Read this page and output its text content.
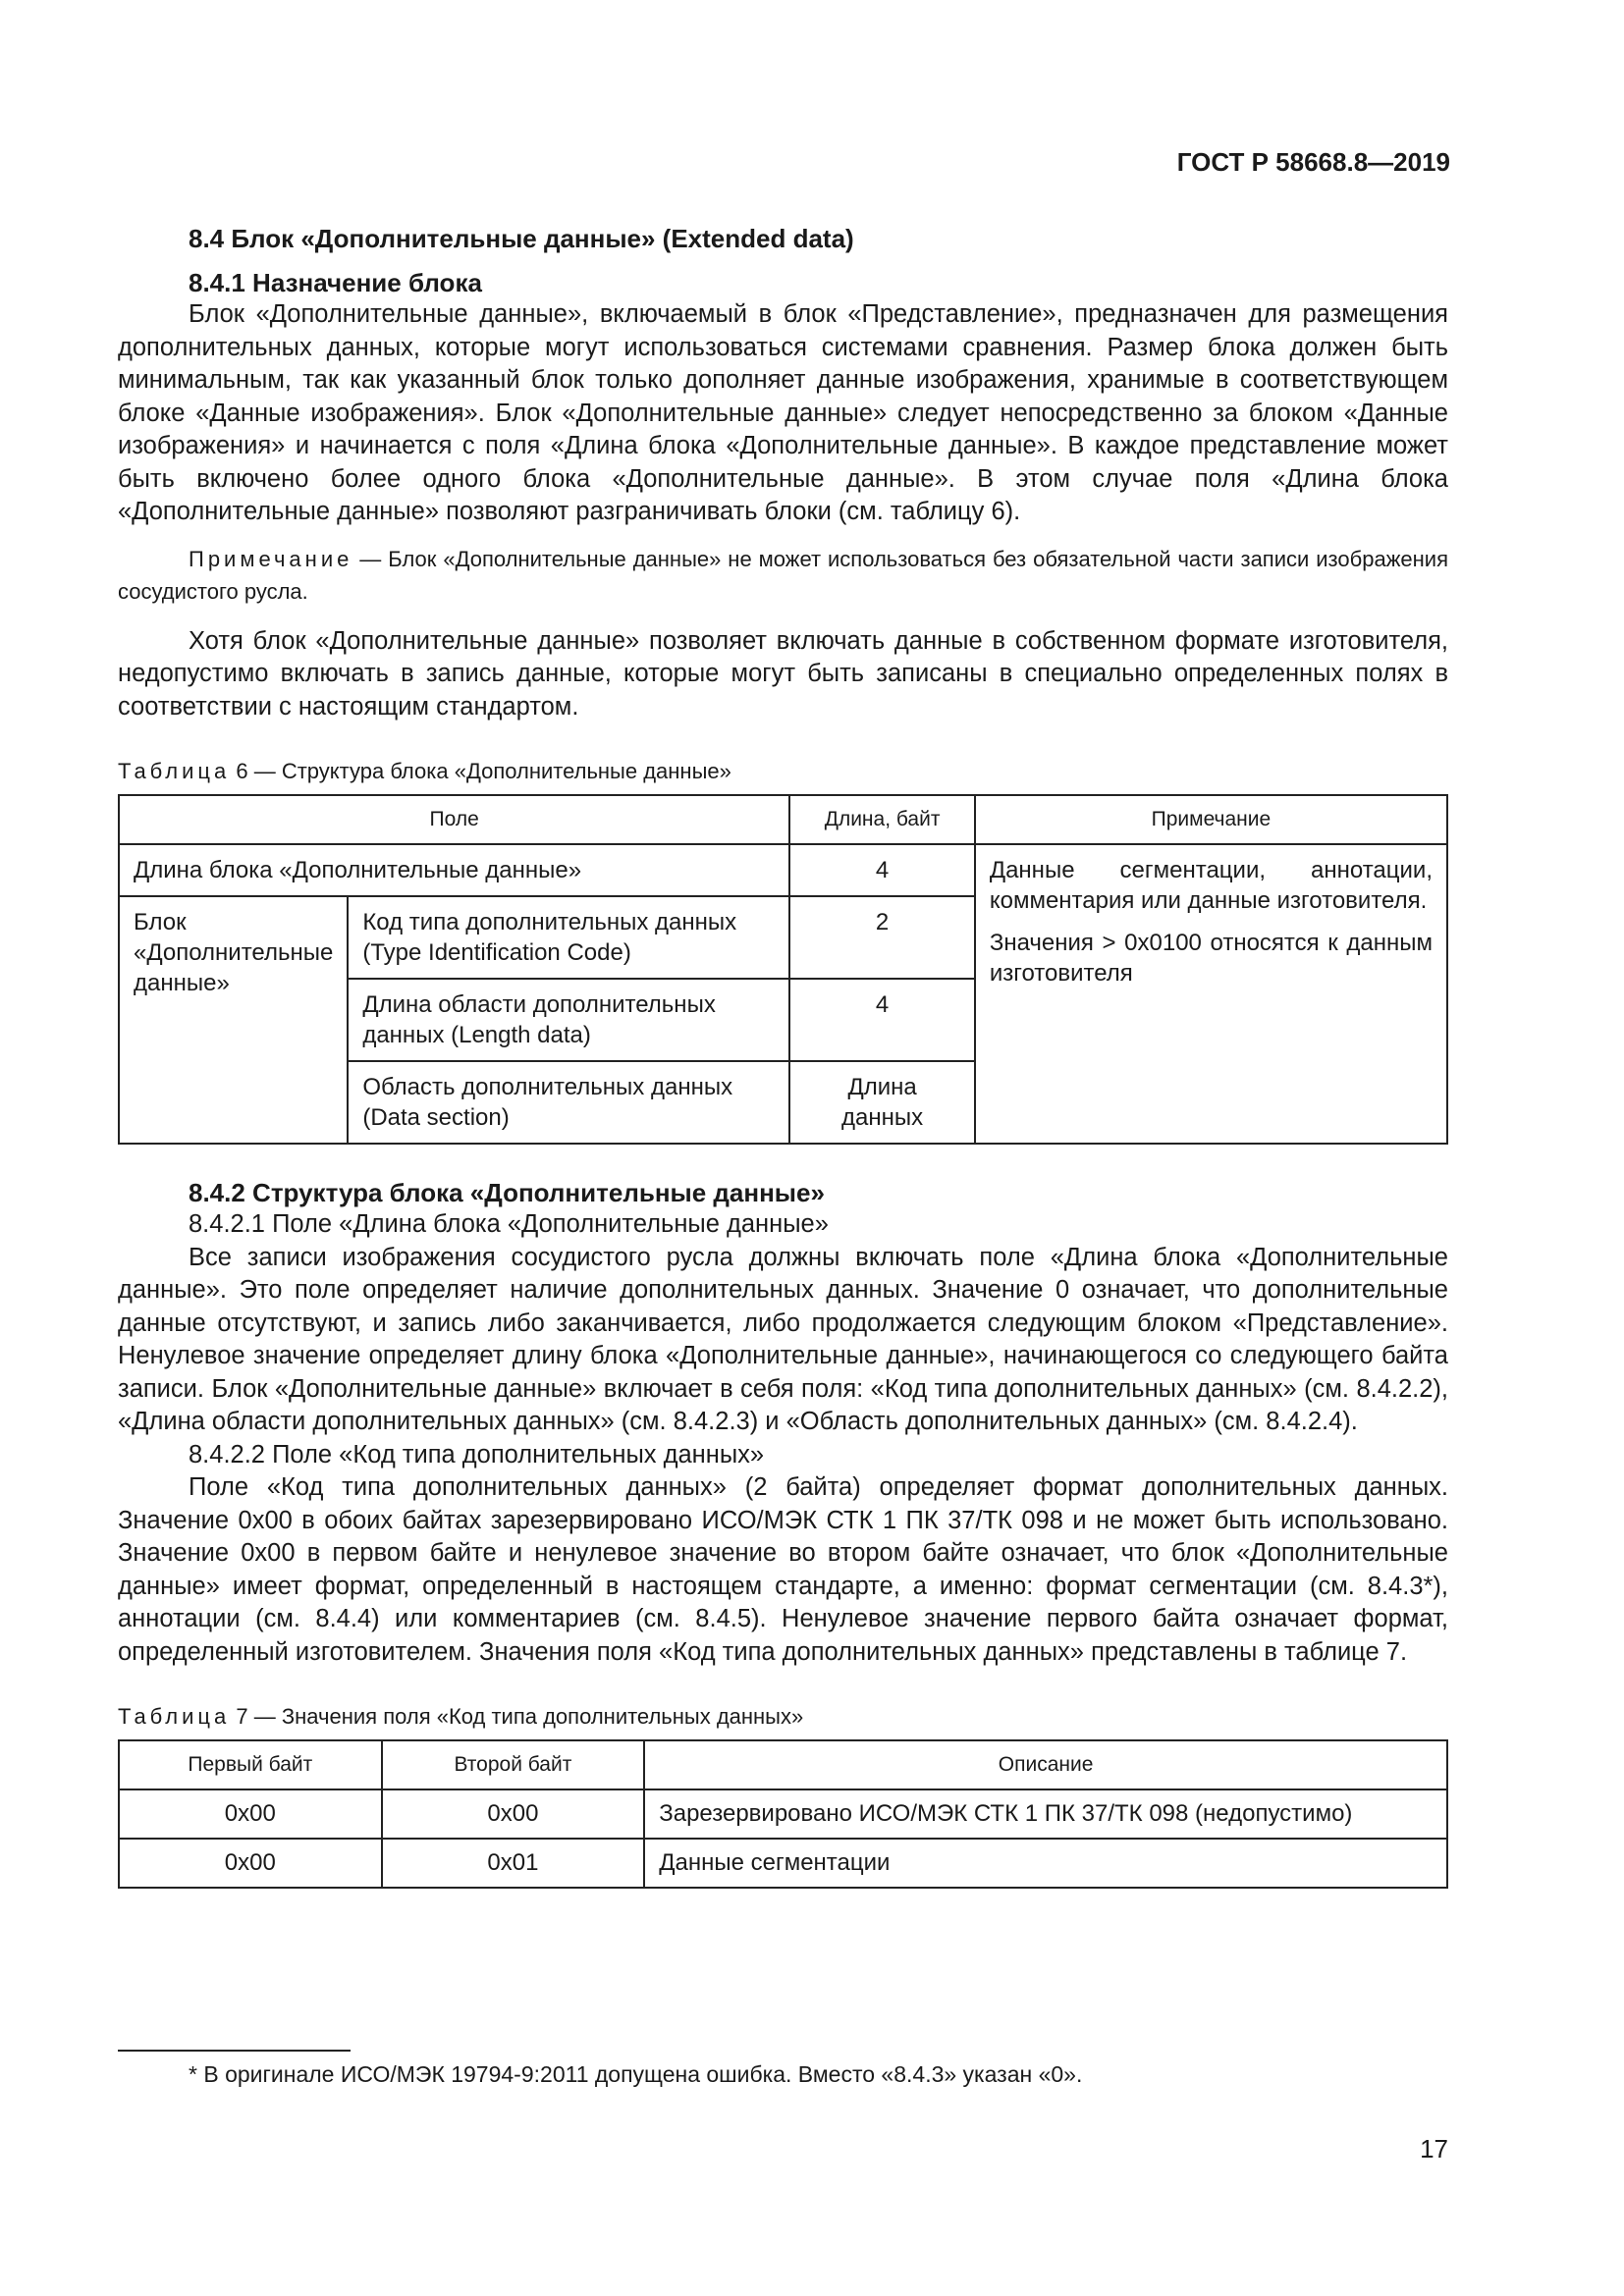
ГОСТ Р 58668.8—2019
8.4 Блок «Дополнительные данные» (Extended data)
8.4.1 Назначение блока

Блок «Дополнительные данные», включаемый в блок «Представление», предназначен для размещения дополнительных данных, которые могут использоваться системами сравнения. Размер блока должен быть минимальным, так как указанный блок только дополняет данные изображения, хранимые в соответствующем блоке «Данные изображения». Блок «Дополнительные данные» следует непосредственно за блоком «Данные изображения» и начинается с поля «Длина блока «Дополнительные данные». В каждое представление может быть включено более одного блока «Дополнительные данные». В этом случае поля «Длина блока «Дополнительные данные» позволяют разграничивать блоки (см. таблицу 6).

Примечание — Блок «Дополнительные данные» не может использоваться без обязательной части записи изображения сосудистого русла.

Хотя блок «Дополнительные данные» позволяет включать данные в собственном формате изготовителя, недопустимо включать в запись данные, которые могут быть записаны в специально определенных полях в соответствии с настоящим стандартом.

Таблица 6 — Структура блока «Дополнительные данные»

Поле		Длина, байт	Примечание
Длина блока «Дополнительные данные»		4	Данные сегментации, аннотации, комментария или данные изготовителя.

Значения > 0x0100 относятся к данным изготовителя

Блок «Дополнительные данные»	Код типа дополнительных данных (Type Identification Code)	2	
	Длина области дополнительных данных (Length data)	4	
	Область дополнительных данных (Data section)	Длина данных	
8.4.2 Структура блока «Дополнительные данные»

8.4.2.1 Поле «Длина блока «Дополнительные данные»

Все записи изображения сосудистого русла должны включать поле «Длина блока «Дополнительные данные». Это поле определяет наличие дополнительных данных. Значение 0 означает, что дополнительные данные отсутствуют, и запись либо заканчивается, либо продолжается следующим блоком «Представление». Ненулевое значение определяет длину блока «Дополнительные данные», начинающегося со следующего байта записи. Блок «Дополнительные данные» включает в себя поля: «Код типа дополнительных данных» (см. 8.4.2.2), «Длина области дополнительных данных» (см. 8.4.2.3) и «Область дополнительных данных» (см. 8.4.2.4).

8.4.2.2 Поле «Код типа дополнительных данных»

Поле «Код типа дополнительных данных» (2 байта) определяет формат дополнительных данных. Значение 0x00 в обоих байтах зарезервировано ИСО/МЭК СТК 1 ПК 37/ТК 098 и не может быть использовано. Значение 0x00 в первом байте и ненулевое значение во втором байте означает, что блок «Дополнительные данные» имеет формат, определенный в настоящем стандарте, а именно: формат сегментации (см. 8.4.3*), аннотации (см. 8.4.4) или комментариев (см. 8.4.5). Ненулевое значение первого байта означает формат, определенный изготовителем. Значения поля «Код типа дополнительных данных» представлены в таблице 7.

Таблица 7 — Значения поля «Код типа дополнительных данных»

Первый байт	Второй байт	Описание
0x00	0x00	Зарезервировано ИСО/МЭК СТК 1 ПК 37/ТК 098 (недопустимо)
0x00	0x01	Данные сегментации
* В оригинале ИСО/МЭК 19794-9:2011 допущена ошибка. Вместо «8.4.3» указан «0».
17
